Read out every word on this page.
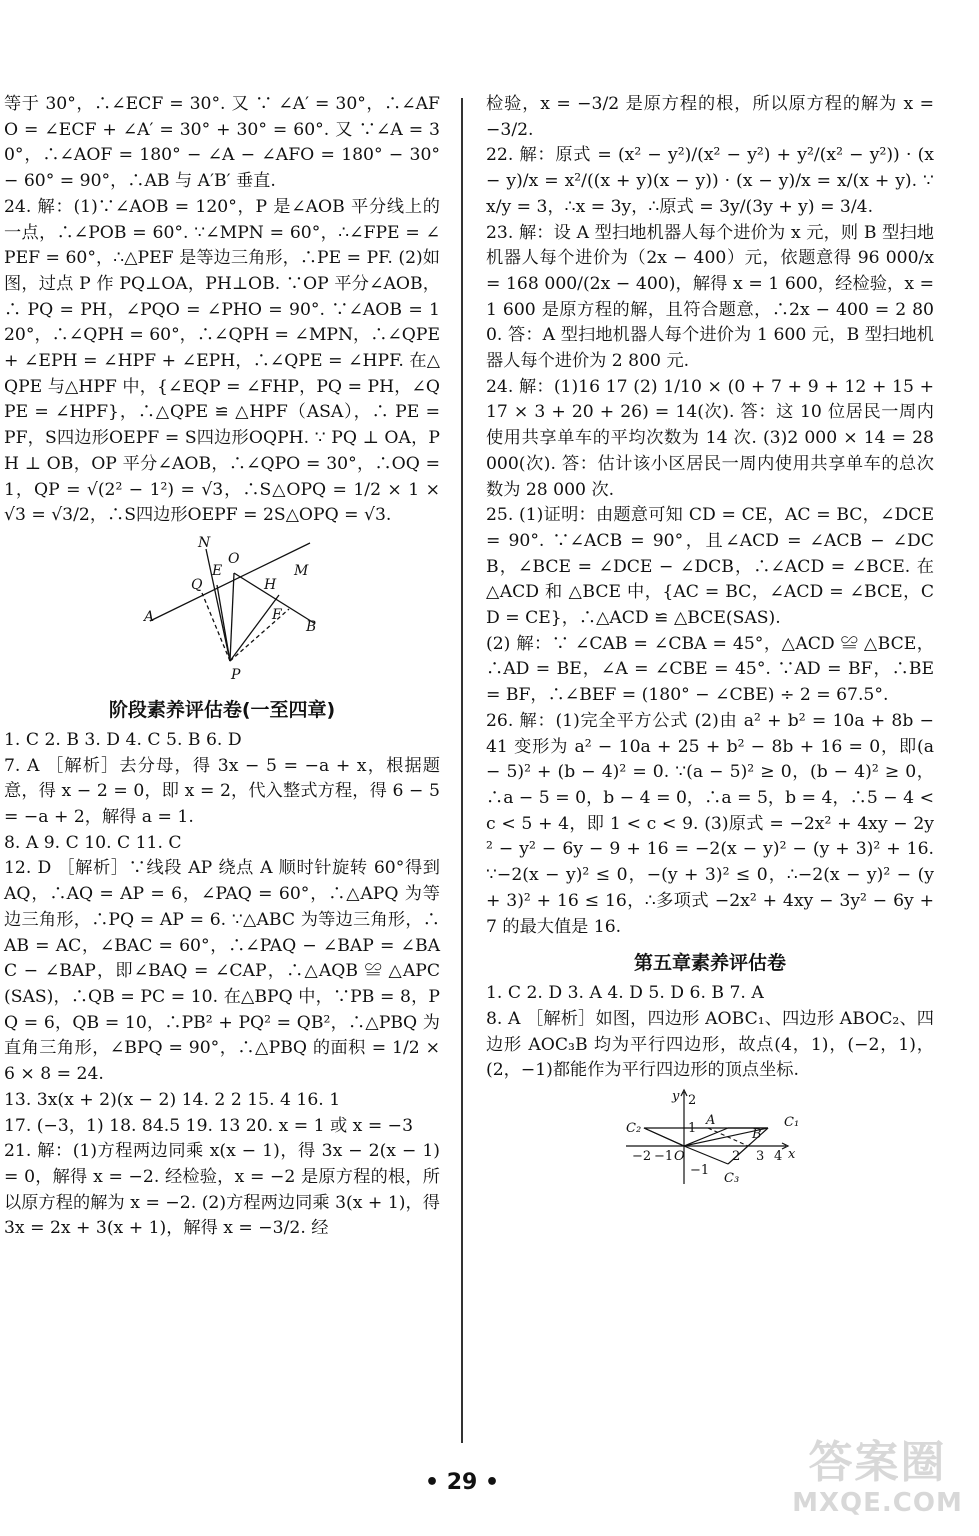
等于 30°，∴∠ECF = 30°. 又 ∵ ∠A′ = 30°，∴∠AFO = ∠ECF + ∠A′ = 30° + 30° = 60°. 又 ∵∠A = 30°，∴∠AOF = 180° − ∠A − ∠AFO = 180° − 30° − 60° = 90°，∴AB 与 A′B′ 垂直.

24. 解：(1)∵∠AOB = 120°，P 是∠AOB 平分线上的一点，∴∠POB = 60°. ∵∠MPN = 60°，∴∠FPE = ∠PEF = 60°，∴△PEF 是等边三角形，∴PE = PF. (2)如图，过点 P 作 PQ⊥OA，PH⊥OB. ∵OP 平分∠AOB，∴ PQ = PH，∠PQO = ∠PHO = 90°. ∵∠AOB = 120°，∴∠QPH = 60°，∴∠QPH = ∠MPN，∴∠QPE + ∠EPH = ∠HPF + ∠EPH，∴∠QPE = ∠HPF. 在△QPE 与△HPF 中，{∠EQP = ∠FHP，PQ = PH，∠QPE = ∠HPF}，∴△QPE ≌ △HPF（ASA），∴ PE = PF，S四边形OEPF = S四边形OQPH. ∵ PQ ⊥ OA，PH ⊥ OB，OP 平分∠AOB，∴∠QPO = 30°，∴OQ = 1，QP = √(2² − 1²) = √3，∴S△OPQ = 1/2 × 1 × √3 = √3/2，∴S四边形OEPF = 2S△OPQ = √3.

N
O
E
Q	H
M
A	F
B
P
阶段素养评估卷(一至四章)

1. C 2. B 3. D 4. C 5. B 6. D

7. A ［解析］去分母，得 3x − 5 = −a + x，根据题意，得 x − 2 = 0，即 x = 2，代入整式方程，得 6 − 5 = −a + 2，解得 a = 1.

8. A 9. C 10. C 11. C

12. D ［解析］∵线段 AP 绕点 A 顺时针旋转 60°得到 AQ，∴AQ = AP = 6，∠PAQ = 60°，∴△APQ 为等边三角形，∴PQ = AP = 6. ∵△ABC 为等边三角形，∴AB = AC，∠BAC = 60°，∴∠PAQ − ∠BAP = ∠BAC − ∠BAP，即∠BAQ = ∠CAP，∴△AQB ≌ △APC(SAS)，∴QB = PC = 10. 在△BPQ 中，∵PB = 8，PQ = 6，QB = 10，∴PB² + PQ² = QB²，∴△PBQ 为直角三角形，∠BPQ = 90°，∴△PBQ 的面积 = 1/2 × 6 × 8 = 24.

13. 3x(x + 2)(x − 2) 14. 2 2 15. 4 16. 1

17. (−3，1) 18. 84.5 19. 13 20. x = 1 或 x = −3

21. 解：(1)方程两边同乘 x(x − 1)，得 3x − 2(x − 1) = 0，解得 x = −2. 经检验，x = −2 是原方程的根，所以原方程的解为 x = −2. (2)方程两边同乘 3(x + 1)，得 3x = 2x + 3(x + 1)，解得 x = −3/2. 经

检验，x = −3/2 是原方程的根，所以原方程的解为 x = −3/2.

22. 解：原式 = (x² − y²)/(x² − y²) + y²/(x² − y²)) · (x − y)/x = x²/((x + y)(x − y)) · (x − y)/x = x/(x + y). ∵ x/y = 3，∴x = 3y，∴原式 = 3y/(3y + y) = 3/4.

23. 解：设 A 型扫地机器人每个进价为 x 元，则 B 型扫地机器人每个进价为（2x − 400）元，依题意得 96 000/x = 168 000/(2x − 400)，解得 x = 1 600，经检验，x = 1 600 是原方程的解，且符合题意，∴2x − 400 = 2 800. 答：A 型扫地机器人每个进价为 1 600 元，B 型扫地机器人每个进价为 2 800 元.

24. 解：(1)16 17 (2) 1/10 × (0 + 7 + 9 + 12 + 15 + 17 × 3 + 20 + 26) = 14(次). 答：这 10 位居民一周内使用共享单车的平均次数为 14 次. (3)2 000 × 14 = 28 000(次). 答：估计该小区居民一周内使用共享单车的总次数为 28 000 次.

25. (1)证明：由题意可知 CD = CE，AC = BC，∠DCE = 90°. ∵∠ACB = 90°，且∠ACD = ∠ACB − ∠DCB，∠BCE = ∠DCE − ∠DCB，∴∠ACD = ∠BCE. 在 △ACD 和 △BCE 中，{AC = BC，∠ACD = ∠BCE，CD = CE}，∴△ACD ≌ △BCE(SAS).

(2) 解：∵ ∠CAB = ∠CBA = 45°，△ACD ≌ △BCE，∴AD = BE，∠A = ∠CBE = 45°. ∵AD = BF，∴BE = BF，∴∠BEF = (180° − ∠CBE) ÷ 2 = 67.5°.

26. 解：(1)完全平方公式 (2)由 a² + b² = 10a + 8b − 41 变形为 a² − 10a + 25 + b² − 8b + 16 = 0，即(a − 5)² + (b − 4)² = 0. ∵(a − 5)² ≥ 0，(b − 4)² ≥ 0，∴a − 5 = 0，b − 4 = 0，∴a = 5，b = 4，∴5 − 4 < c < 5 + 4，即 1 < c < 9. (3)原式 = −2x² + 4xy − 2y² − y² − 6y − 9 + 16 = −2(x − y)² − (y + 3)² + 16. ∵−2(x − y)² ≤ 0，−(y + 3)² ≤ 0，∴−2(x − y)² − (y + 3)² + 16 ≤ 16，∴多项式 −2x² + 4xy − 3y² − 6y + 7 的最大值是 16.

第五章素养评估卷

1. C 2. D 3. A 4. D 5. D 6. B 7. A

8. A ［解析］如图，四边形 AOBC₁、四边形 ABOC₂、四边形 AOC₃B 均为平行四边形，故点(4，1)，(−2，1)，(2，−1)都能作为平行四边形的顶点坐标.

y 2
A
C₂	C₁
B
1
−2 −1 O	2 3 4 x
−1
C₃
• 29 •	答案圈
MXQE.COM
